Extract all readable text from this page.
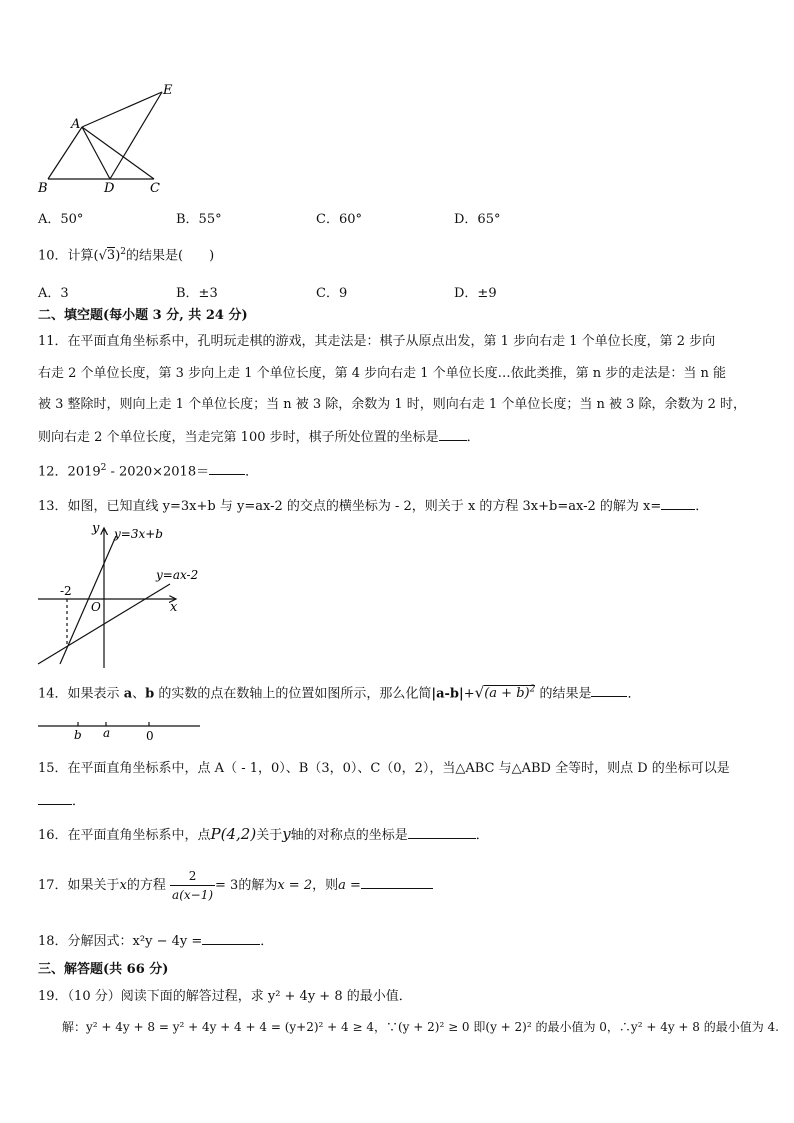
A
B	D	C
E
A．50°	B．55°	C．60°	D．65°
10．计算$(√3)^2$的结果是(　　)
A．3	B．±3	C．9	D．±9
二、填空题(每小题 3 分, 共 24 分)
11．在平面直角坐标系中，孔明玩走棋的游戏，其走法是：棋子从原点出发，第 1 步向右走 1 个单位长度，第 2 步向
右走 2 个单位长度，第 3 步向上走 1 个单位长度，第 4 步向右走 1 个单位长度…依此类推，第 n 步的走法是：当 n 能
被 3 整除时，则向上走 1 个单位长度；当 n 被 3 除，余数为 1 时，则向右走 1 个单位长度；当 n 被 3 除，余数为 2 时，
则向右走 2 个单位长度，当走完第 100 步时，棋子所处位置的坐标是 ．
12．2019$^2$ - 2020×2018＝	．
13．如图，已知直线 y=3x+b 与 y=ax-2 的交点的横坐标为 - 2，则关于 x 的方程 3x+b=ax-2 的解为 x=	．
y y=3x+b
y=ax-2
-2
O	x
14．如果表示 a、b 的实数的点在数轴上的位置如图所示，那么化简$|a-b|+√(a + b)^2$ 的结果是	．
b a	0
15．在平面直角坐标系中，点 A（ - 1，0）、B（3，0）、C（0，2），当△ABC 与△ABD 全等时，则点 D 的坐标可以是
．
16．在平面直角坐标系中，点P(4,2)关于y轴的对称点的坐标是	．
17．如果关于x的方程 $\frac{2}{a(x-1)} = 3$的解为x = 2，则a =
18．分解因式：x²y − 4y =	．
三、解答题(共 66 分)
19．（10 分）阅读下面的解答过程，求 y² + 4y + 8 的最小值．
解：y² + 4y + 8 = y² + 4y + 4 + 4 = (y+2)² + 4 ≥ 4，∵(y + 2)² ≥ 0 即(y + 2)² 的最小值为 0，∴y² + 4y + 8 的最小值为 4.
